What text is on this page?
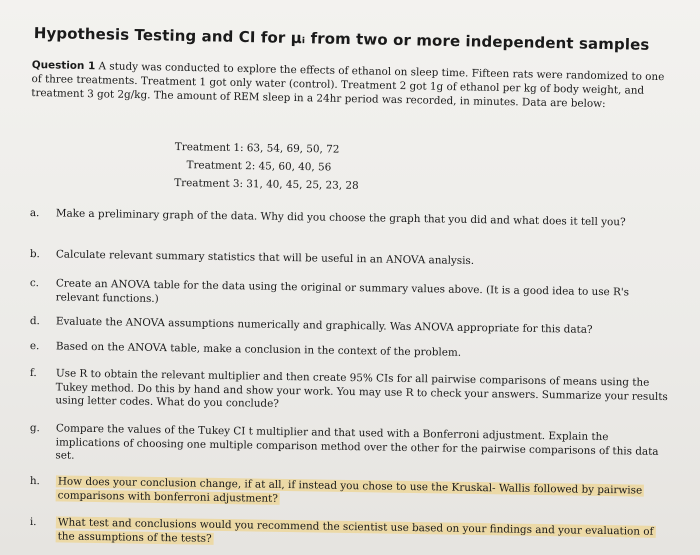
Hypothesis Testing and CI for μᵢ from two or more independent samples
Question 1 A study was conducted to explore the effects of ethanol on sleep time. Fifteen rats were randomized to one of three treatments. Treatment 1 got only water (control). Treatment 2 got 1g of ethanol per kg of body weight, and treatment 3 got 2g/kg. The amount of REM sleep in a 24hr period was recorded, in minutes. Data are below:
Treatment 1: 63, 54, 69, 50, 72
Treatment 2: 45, 60, 40, 56
Treatment 3: 31, 40, 45, 25, 23, 28
a.	Make a preliminary graph of the data. Why did you choose the graph that you did and what does it tell you?
b.	Calculate relevant summary statistics that will be useful in an ANOVA analysis.
c.	Create an ANOVA table for the data using the original or summary values above. (It is a good idea to use R's relevant functions.)
d.	Evaluate the ANOVA assumptions numerically and graphically. Was ANOVA appropriate for this data?
e.	Based on the ANOVA table, make a conclusion in the context of the problem.
f.	Use R to obtain the relevant multiplier and then create 95% CIs for all pairwise comparisons of means using the Tukey method. Do this by hand and show your work. You may use R to check your answers. Summarize your results using letter codes. What do you conclude?
g.	Compare the values of the Tukey CI t multiplier and that used with a Bonferroni adjustment. Explain the implications of choosing one multiple comparison method over the other for the pairwise comparisons of this data set.
h.	How does your conclusion change, if at all, if instead you chose to use the Kruskal- Wallis followed by pairwise comparisons with bonferroni adjustment?
i.	What test and conclusions would you recommend the scientist use based on your findings and your evaluation of the assumptions of the tests?
